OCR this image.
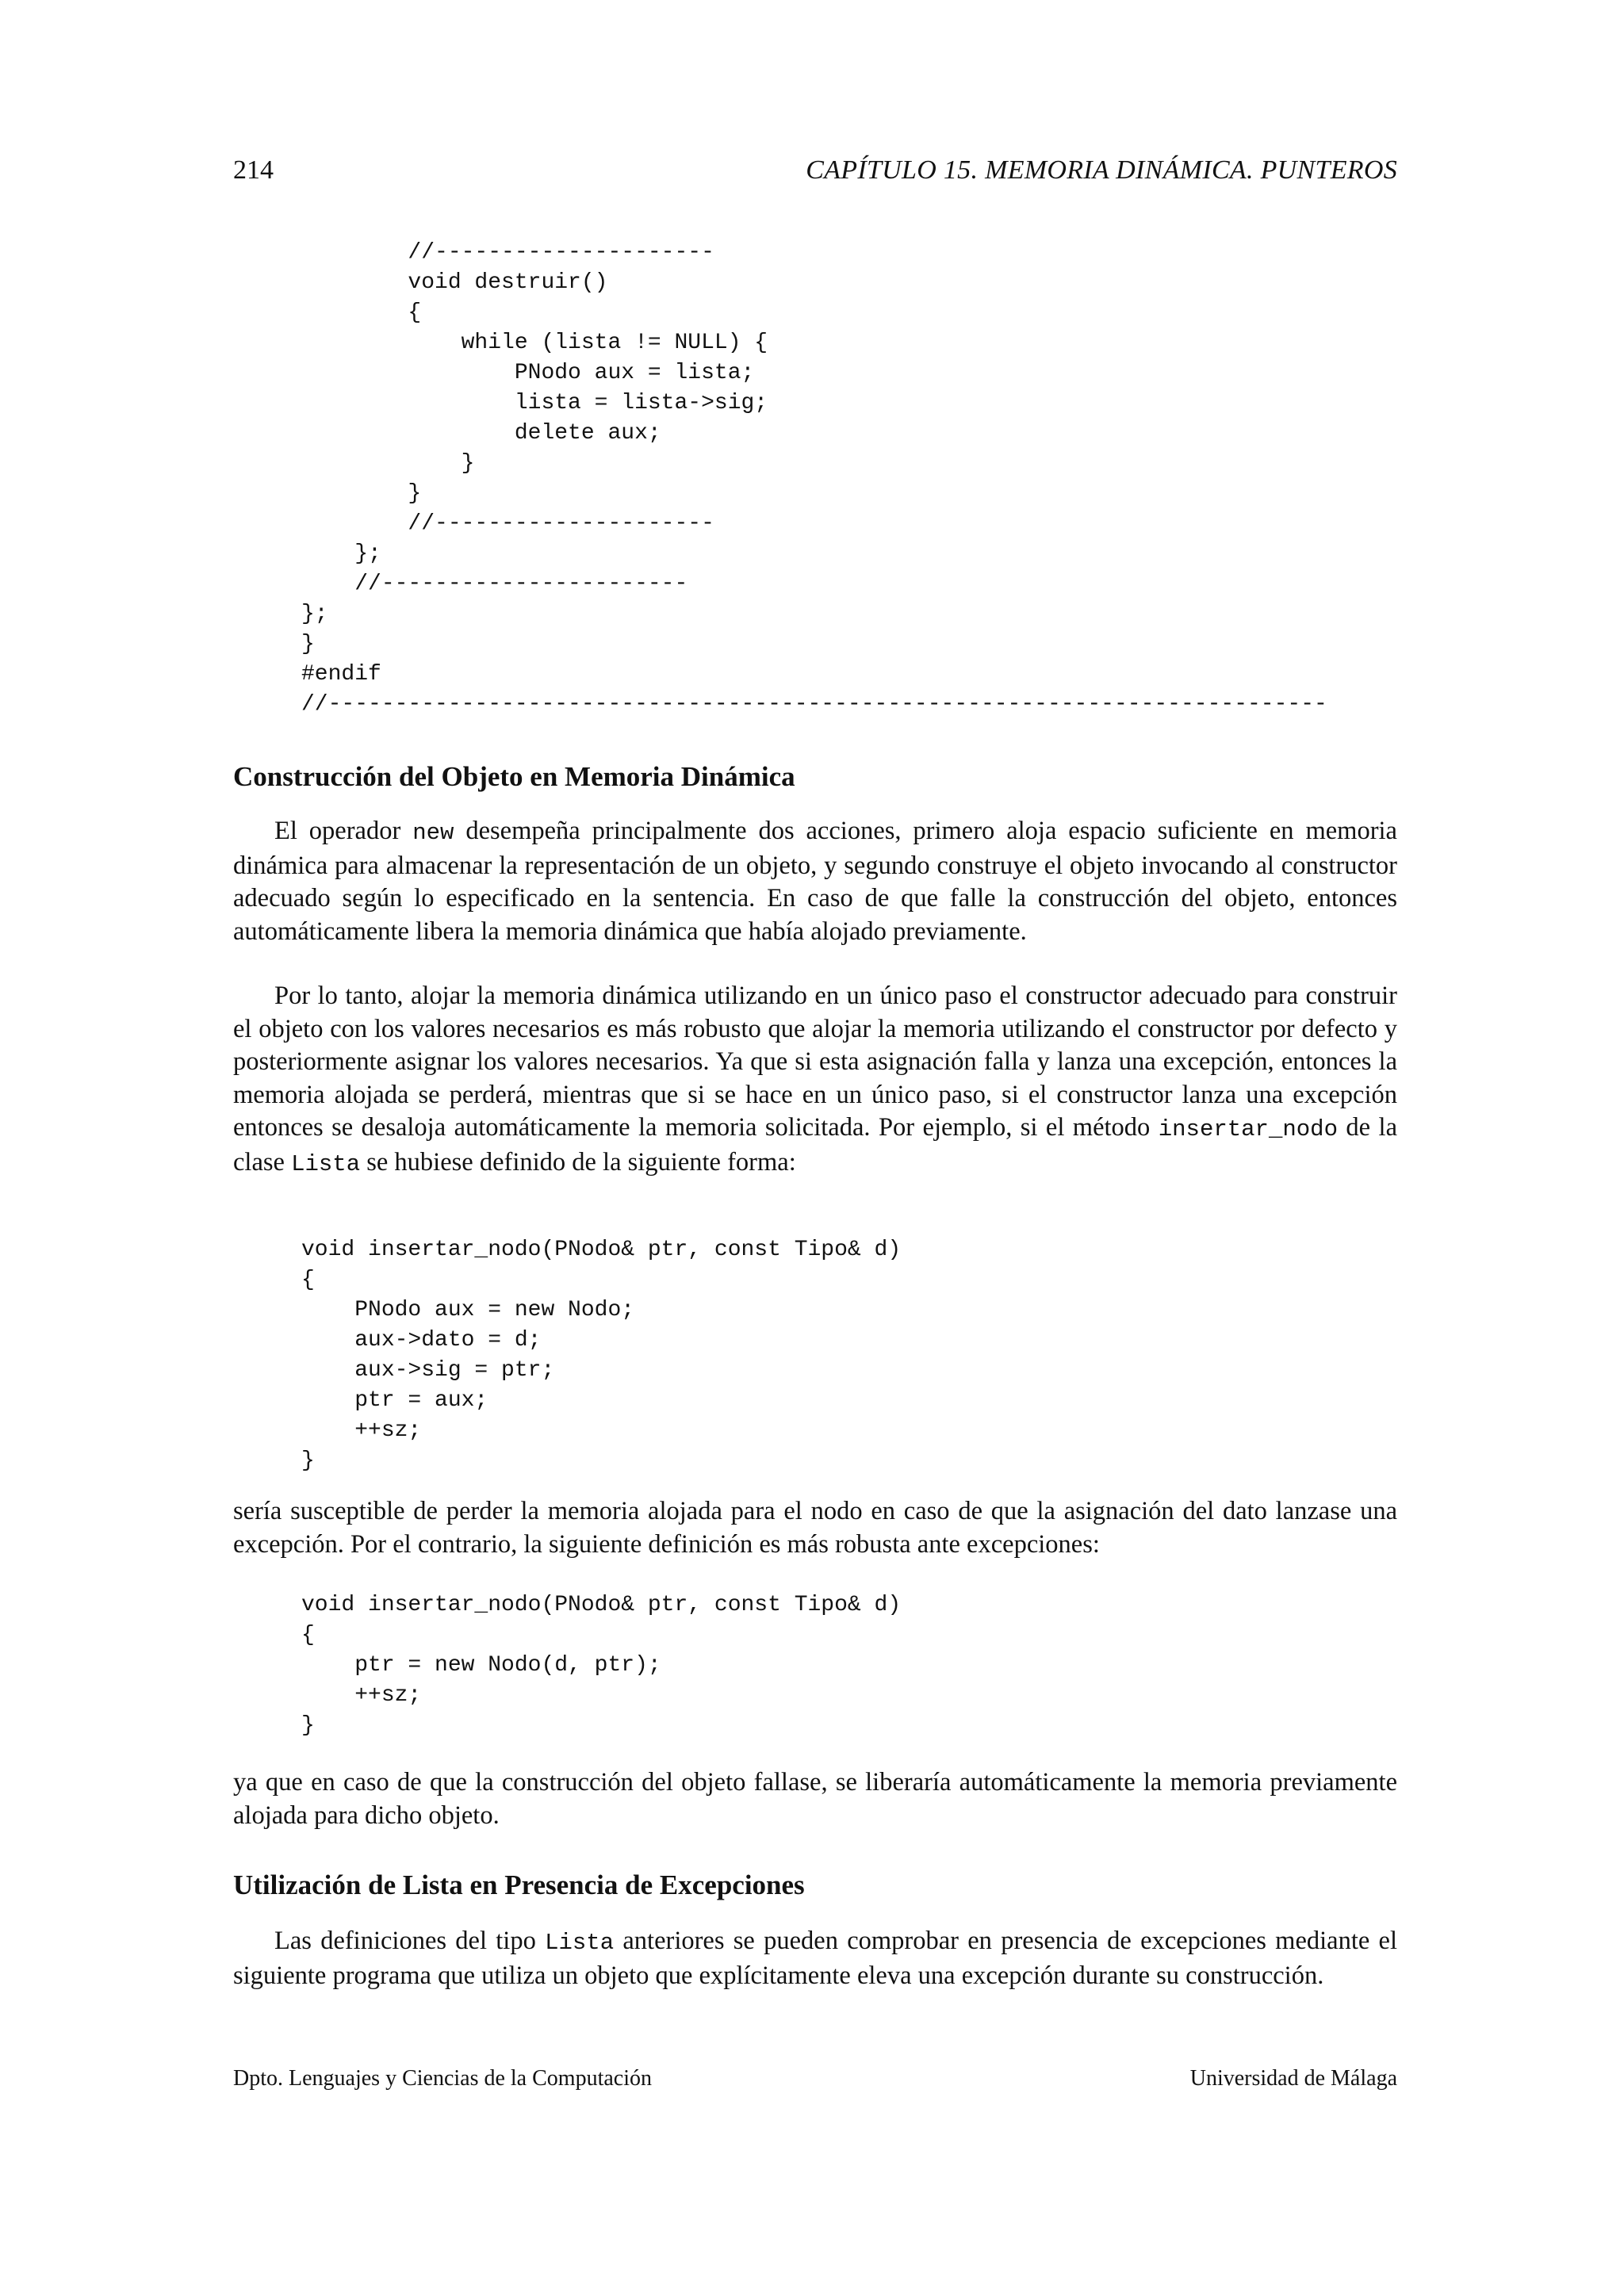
214	CAPÍTULO 15. MEMORIA DINÁMICA. PUNTEROS
//---------------------
void destruir()
{
while (lista != NULL) {
PNodo aux = lista;
lista = lista->sig;
delete aux;
}
}
//---------------------
};
//-----------------------
};
}
#endif
//---------------------------------------------------------------------------
Construcción del Objeto en Memoria Dinámica

El operador new desempeña principalmente dos acciones, primero aloja espacio suficiente en memoria dinámica para almacenar la representación de un objeto, y segundo construye el objeto invocando al constructor adecuado según lo especificado en la sentencia. En caso de que falle la construcción del objeto, entonces automáticamente libera la memoria dinámica que había alojado previamente.

Por lo tanto, alojar la memoria dinámica utilizando en un único paso el constructor adecuado para construir el objeto con los valores necesarios es más robusto que alojar la memoria utilizando el constructor por defecto y posteriormente asignar los valores necesarios. Ya que si esta asignación falla y lanza una excepción, entonces la memoria alojada se perderá, mientras que si se hace en un único paso, si el constructor lanza una excepción entonces se desaloja automáticamente la memoria solicitada. Por ejemplo, si el método insertar_nodo de la clase Lista se hubiese definido de la siguiente forma:

void insertar_nodo(PNodo& ptr, const Tipo& d)
{
PNodo aux = new Nodo;
aux->dato = d;
aux->sig = ptr;
ptr = aux;
++sz;
}

sería susceptible de perder la memoria alojada para el nodo en caso de que la asignación del dato lanzase una excepción. Por el contrario, la siguiente definición es más robusta ante excepciones:

void insertar_nodo(PNodo& ptr, const Tipo& d)
{
ptr = new Nodo(d, ptr);
++sz;
}

ya que en caso de que la construcción del objeto fallase, se liberaría automáticamente la memoria previamente alojada para dicho objeto.

Utilización de Lista en Presencia de Excepciones

Las definiciones del tipo Lista anteriores se pueden comprobar en presencia de excepciones mediante el siguiente programa que utiliza un objeto que explícitamente eleva una excepción durante su construcción.

Dpto. Lenguajes y Ciencias de la Computación	Universidad de Málaga
